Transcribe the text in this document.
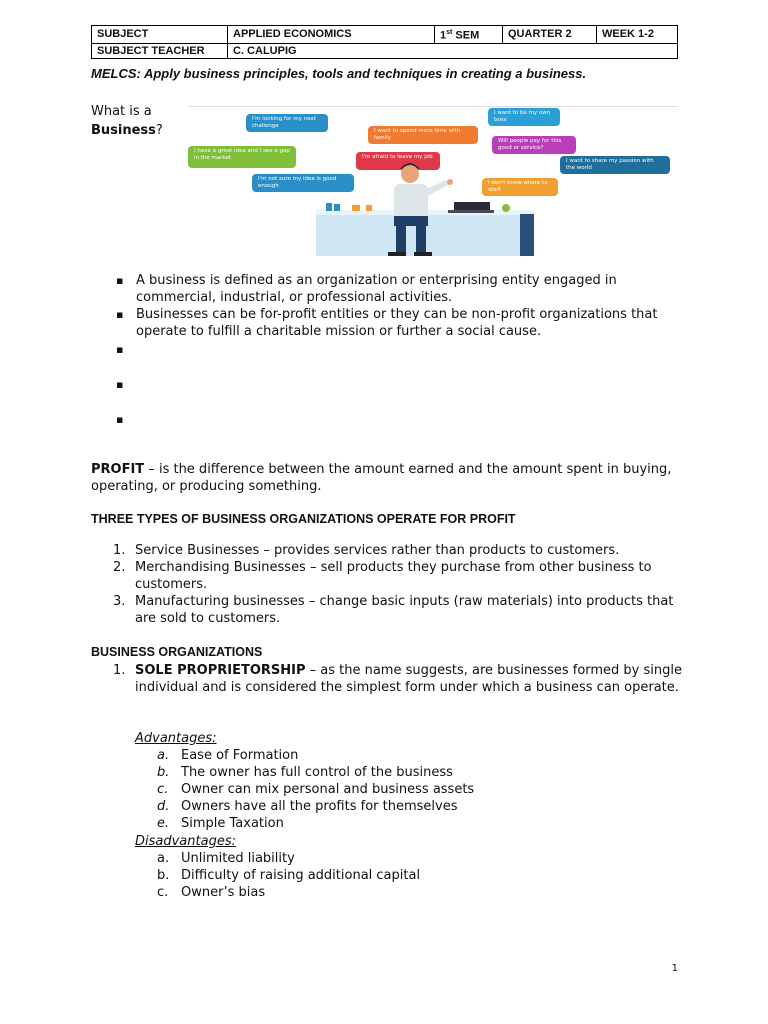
SUBJECT	APPLIED ECONOMICS	1st SEM	QUARTER 2	WEEK 1-2
SUBJECT TEACHER	C. CALUPIG			
MELCS: Apply business principles, tools and techniques in creating a business.
What is a
Business?
I'm looking for my next challenge
I want to spend more time with family
I want to be my own boss
I have a great idea and I see a gap in the market	I'm afraid to leave my job
Will people pay for this good or service?
I'm not sure my idea is good enough
I want to share my passion with the world
I don't know where to start
▪ A business is defined as an organization or enterprising entity engaged in commercial, industrial, or professional activities.
▪ Businesses can be for-profit entities or they can be non-profit organizations that operate to fulfill a charitable mission or further a social cause.
▪
▪
▪
PROFIT – is the difference between the amount earned and the amount spent in buying, operating, or producing something.
THREE TYPES OF BUSINESS ORGANIZATIONS OPERATE FOR PROFIT
1. Service Businesses – provides services rather than products to customers.
2. Merchandising Businesses – sell products they purchase from other business to customers.
3. Manufacturing businesses – change basic inputs (raw materials) into products that are sold to customers.
BUSINESS ORGANIZATIONS
1. SOLE PROPRIETORSHIP – as the name suggests, are businesses formed by single individual and is considered the simplest form under which a business can operate.
Advantages:
a. Ease of Formation
b. The owner has full control of the business
c. Owner can mix personal and business assets
d. Owners have all the profits for themselves
e. Simple Taxation
Disadvantages:
a. Unlimited liability
b. Difficulty of raising additional capital
c. Owner’s bias
1
